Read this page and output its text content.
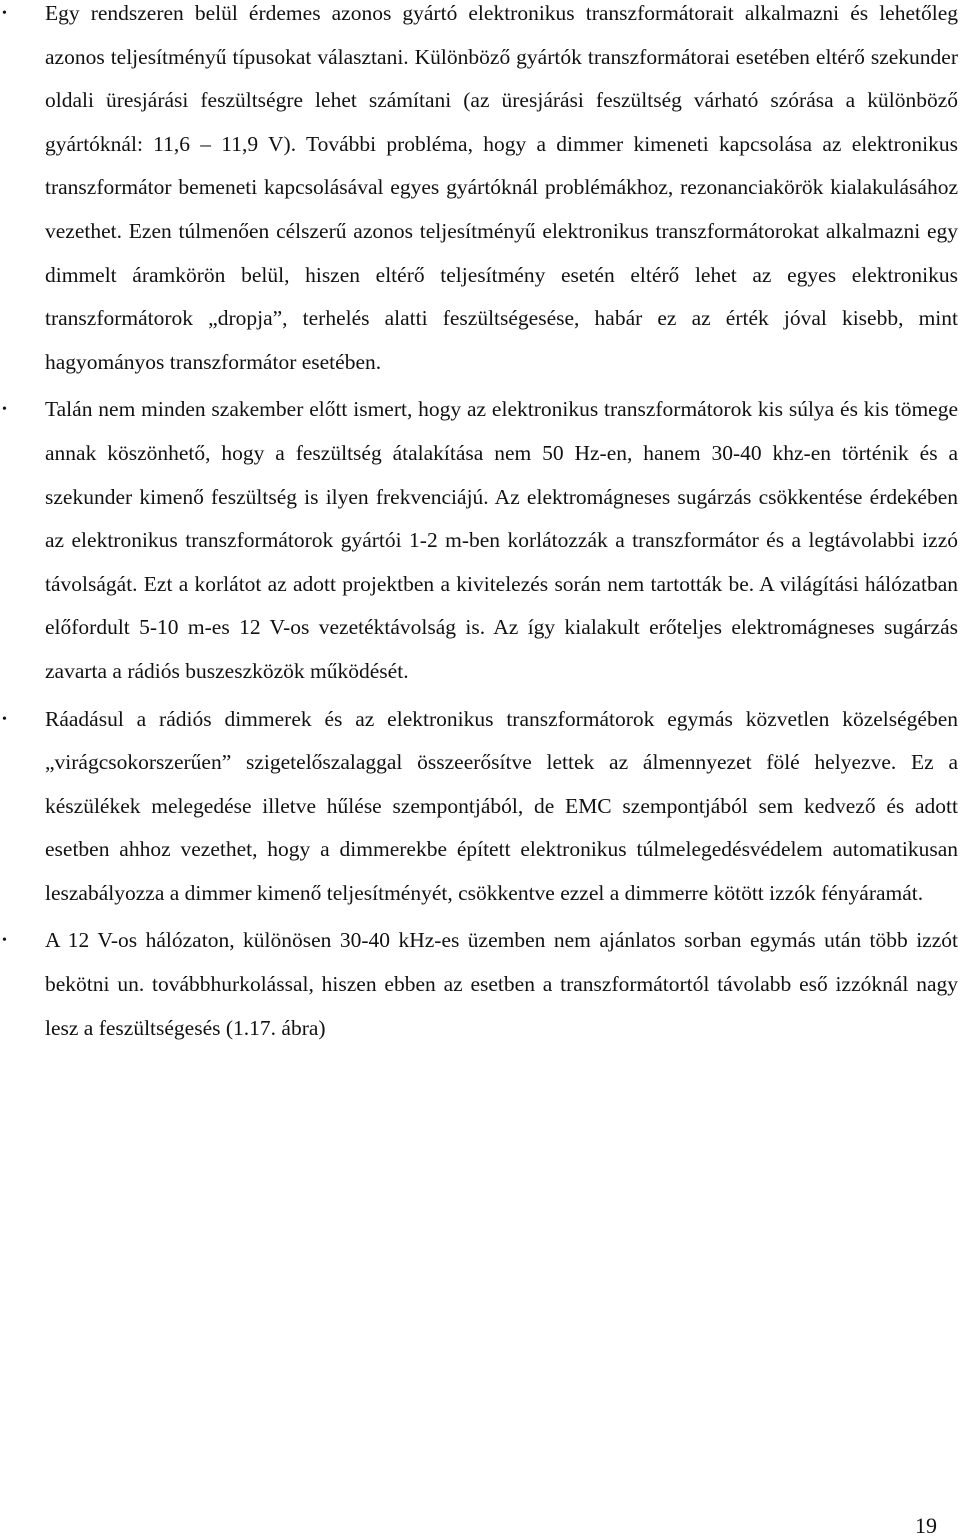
•	Egy rendszeren belül érdemes azonos gyártó elektronikus transzformátorait alkalmazni és lehetőleg azonos teljesítményű típusokat választani. Különböző gyártók transzformátorai esetében eltérő szekunder oldali üresjárási feszültségre lehet számítani (az üresjárási feszültség várható szórása a különböző gyártóknál: 11,6 – 11,9 V). További probléma, hogy a dimmer kimeneti kapcsolása az elektronikus transzformátor bemeneti kapcsolásával egyes gyártóknál problémákhoz, rezonanciakörök kialakulásához vezethet. Ezen túlmenően célszerű azonos teljesítményű elektronikus transzformátorokat alkalmazni egy dimmelt áramkörön belül, hiszen eltérő teljesítmény esetén eltérő lehet az egyes elektronikus transzformátorok „dropja”, terhelés alatti feszültségesése, habár ez az érték jóval kisebb, mint hagyományos transzformátor esetében.
•	Talán nem minden szakember előtt ismert, hogy az elektronikus transzformátorok kis súlya és kis tömege annak köszönhető, hogy a feszültség átalakítása nem 50 Hz-en, hanem 30-40 khz-en történik és a szekunder kimenő feszültség is ilyen frekvenciájú. Az elektromágneses sugárzás csökkentése érdekében az elektronikus transzformátorok gyártói 1-2 m-ben korlátozzák a transzformátor és a legtávolabbi izzó távolságát. Ezt a korlátot az adott projektben a kivitelezés során nem tartották be. A világítási hálózatban előfordult 5-10 m-es 12 V-os vezetéktávolság is. Az így kialakult erőteljes elektromágneses sugárzás zavarta a rádiós buszeszközök működését.
•	Ráadásul a rádiós dimmerek és az elektronikus transzformátorok egymás közvetlen közelségében „virágcsokorszerűen” szigetelőszalaggal összeerősítve lettek az álmennyezet fölé helyezve. Ez a készülékek melegedése illetve hűlése szempontjából, de EMC szempontjából sem kedvező és adott esetben ahhoz vezethet, hogy a dimmerekbe épített elektronikus túlmelegedésvédelem automatikusan leszabályozza a dimmer kimenő teljesítményét, csökkentve ezzel a dimmerre kötött izzók fényáramát.
•	A 12 V-os hálózaton, különösen 30-40 kHz-es üzemben nem ajánlatos sorban egymás után több izzót bekötni un. továbbhurkolással, hiszen ebben az esetben a transzformátortól távolabb eső izzóknál nagy lesz a feszültségesés (1.17. ábra)
19
